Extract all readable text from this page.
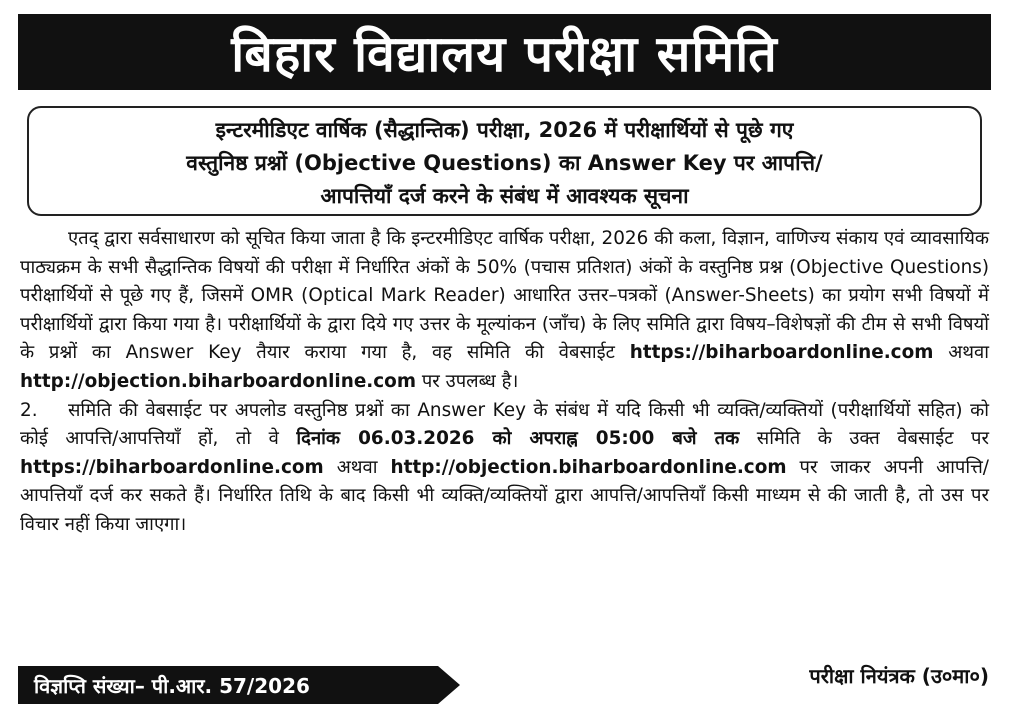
बिहार विद्यालय परीक्षा समिति
इन्टरमीडिएट वार्षिक (सैद्धान्तिक) परीक्षा, 2026 में परीक्षार्थियों से पूछे गए
वस्तुनिष्ठ प्रश्नों (Objective Questions) का Answer Key पर आपत्ति/
आपत्तियाँ दर्ज करने के संबंध में आवश्यक सूचना

एतद् द्वारा सर्वसाधारण को सूचित किया जाता है कि इन्टरमीडिएट वार्षिक परीक्षा, 2026 की कला, विज्ञान, वाणिज्य संकाय एवं व्यावसायिक पाठ्यक्रम के सभी सैद्धान्तिक विषयों की परीक्षा में निर्धारित अंकों के 50% (पचास प्रतिशत) अंकों के वस्तुनिष्ठ प्रश्न (Objective Questions) परीक्षार्थियों से पूछे गए हैं, जिसमें OMR (Optical Mark Reader) आधारित उत्तर–पत्रकों (Answer-Sheets) का प्रयोग सभी विषयों में परीक्षार्थियों द्वारा किया गया है। परीक्षार्थियों के द्वारा दिये गए उत्तर के मूल्यांकन (जाँच) के लिए समिति द्वारा विषय–विशेषज्ञों की टीम से सभी विषयों के प्रश्नों का Answer Key तैयार कराया गया है, वह समिति की वेबसाईट https://biharboardonline.com अथवा http://objection.biharboardonline.com पर उपलब्ध है।

2. समिति की वेबसाईट पर अपलोड वस्तुनिष्ठ प्रश्नों का Answer Key के संबंध में यदि किसी भी व्यक्ति/व्यक्तियों (परीक्षार्थियों सहित) को कोई आपत्ति/आपत्तियाँ हों, तो वे दिनांक 06.03.2026 को अपराह्न 05:00 बजे तक समिति के उक्त वेबसाईट पर https://biharboardonline.com अथवा http://objection.biharboardonline.com पर जाकर अपनी आपत्ति/आपत्तियाँ दर्ज कर सकते हैं। निर्धारित तिथि के बाद किसी भी व्यक्ति/व्यक्तियों द्वारा आपत्ति/आपत्तियाँ किसी माध्यम से की जाती है, तो उस पर विचार नहीं किया जाएगा।

विज्ञप्ति संख्या– पी.आर. 57/2026	परीक्षा नियंत्रक (उ०मा०)
